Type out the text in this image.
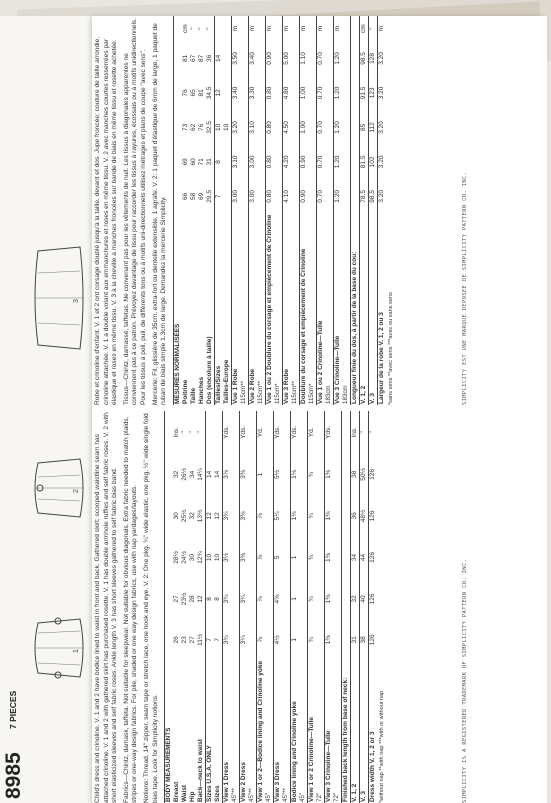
8985
7 PIECES
1
2
3

Child's dress and crinoline. V. 1 and 2 have bodice lined to waist in front and back. Gathered skirt; scooped waistline seam has attached crinoline. V. 1 and 2 with gathered skirt has purchased rosette. V. 1 has double armhole ruffles and self fabric roses. V. 2 with short elasticized sleeves and self fabric roses. Ankle length V. 3 has short sleeves gathered to self fabric bias band. Fabrics—Chintz, damask, taffeta. Not suitable for sleepwear. Not suitable for obvious diagonals. Extra fabric needed to match plaids, stripes or one-way design fabrics. For pile, shaded or one way design fabrics, use with nap yardages/layouts. Notions: Thread, 14" zipper, seam tape or stretch lace, one hook and eye. V. 2: One pkg. ¼" wide elastic, one pkg. ½" wide single fold bias tape. Look for Simplicity notions. BODY MEASUREMENTS						
Breast	26	27	28½	30	32	Ins.
Waist	23	23½	24½	25½	26½	"
Hip	27	28	30	32	34	"
Back—neck to waist	11½	12	12¾	13½	14¼	"
Sizes U.S.A. ONLY	7	8	10	12	14	
Sizes	7	8	10	12	14	

View 1 Dress 45"**	3¾	3¾	3½	3¾	3⅞	Yds.

View 2 Dress 45"**	3¼	3¼	3⅜	3⅜	3⅜	Yds.

View 1 or 2—Bodice lining and Crinoline yoke 45"	⅞	⅞	⅞	⅞	1	Yd.

View 3 Dress 45"**	4½	4⅝	5	5¼	5½	Yds.

Bodice lining and Crinoline yoke 45"	1	1	1	1⅛	1⅛	Yds.

View 1 or 2 Crinoline—Tulle 72"	¾	¾	¾	¾	¾	Yd.

View 3 Crinoline—Tulle 72"	1⅜	1⅜	1⅜	1⅜	1⅜	Yds.
Finished back length from base of neck:						

V. 1, 2	31	32	34	36	38	Ins.

V. 3	38	40	44	48½	50½	"

Dress width V. 1, 2 or 3	126	126	126	126	126	"
*without nap **with nap ***with or without nap	SIMPLICITY IS A REGISTERED TRADEMARK OF SIMPLICITY PATTERN CO. INC.

Robe et crinoline d'enfant. V. 1 et 2 ont corsage doublé jusqu'à la taille, devant et dos. Jupe froncée; couture de taille arrondie, crinoline attachée. V. 1 a double volant aux emmanchures et roses en même tissu. V. 2 avec manches courtes resserrées par élastique et roses en même tissu. V. 3 à la cheville a manches froncées sur bande de biais en même tissu et rosette achetée. Tissus—Chintz, damassé, taffetas. Ne convenant pas pour les vêtements de nuit. Les tissus à diagonales apparentes ne conviennent pas à ce patron. Prévoyez davantage de tissu pour raccorder les tissus à rayures, écossais ou à motifs unidirectionnels. Pour les tissus à poil, puil, de différents tons ou à motifs uni-directionnels utilisez métrages et plans de coupe "avec sens". Mercerie: Fil, glissière de 35cm, extra-fort ou dentelle extensible, 1 agrafe. V. 2: 1 paquet d'élastique de 6mm de large, 1 paquet de ruban de biais simple 1.3cm de large. Demandez la mercerie Simplicity. MESURES NORMALISEES						
Poitrine	66	69	73	76	81	cm
Taille	58	60	62	65	67	"
Hanches	69	71	76	81	87	"
Dos (encolure à taille)	29.5	31	32.5	34.5	36	"
Tailles/Sizes	7	8	10	12	14	
Tailles-Europe			10			

Vue 1 Robe 115cm**	3.00	3.10	3.20	3.40	3.50	m

Vue 2 Robe 115cm**	3.00	3.00	3.10	3.30	3.40	m

Vue 1 ou 2 Doublure du corsage et empiècement de Crinoline 115cm*	0.80	0.80	0.80	0.80	0.90	m

Vue 3 Robe 115cm**	4.10	4.20	4.50	4.80	5.00	m

Doublure du corsage et empiècement de Crinoline 115cm*	0.90	0.90	1.00	1.00	1.10	m

Vue 1 ou 2 Crinoline—Tulle 183cm	0.70	0.70	0.70	0.70	0.70	m

Vue 3 Crinoline—Tulle 183cm	1.20	1.20	1.20	1.20	1.20	m
Longueur finie du dos, à partir de la base du cou:						

V. 1, 2	78.5	81.5	85	91.5	98.5	cm

V. 3	98.5	102	112	123	128	"

Largeur de la robe V. 1, 2 ou 3	3.20	3.20	3.20	3.20	3.20	m
*sans sens **avec sens ***avec ou sans sens	SIMPLICITY EST UNE MARQUE DEPOSEE DE SIMPLICITY PATTERN CO. INC.
